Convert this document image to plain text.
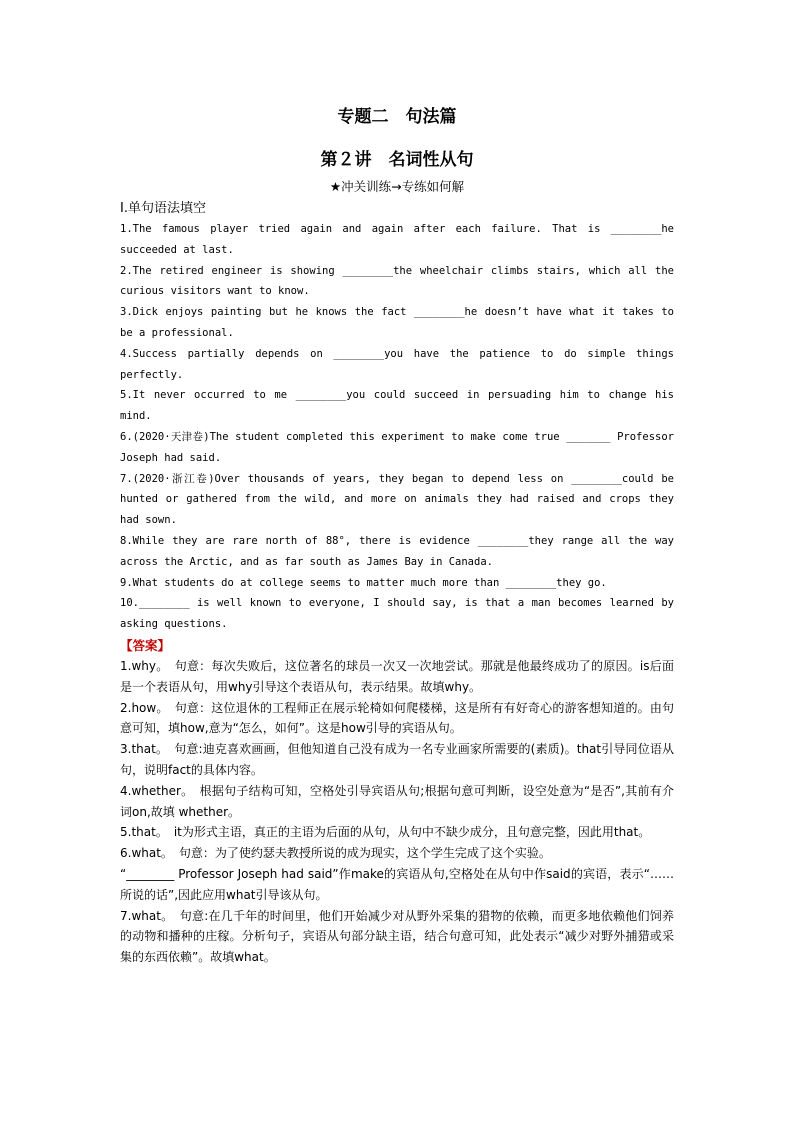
专题二　句法篇
第２讲　名词性从句
★冲关训练→专练如何解
Ⅰ.单句语法填空
1.The famous player tried again and again after each failure. That is ________he succeeded at last.
2.The retired engineer is showing ________the wheelchair climbs stairs, which all the curious visitors want to know.
3.Dick enjoys painting but he knows the fact ________he doesn’t have what it takes to be a professional.
4.Success partially depends on ________you have the patience to do simple things perfectly.
5.It never occurred to me ________you could succeed in persuading him to change his mind.
6.(2020·天津卷)The student completed this experiment to make come true _______ Professor Joseph had said.
7.(2020·浙江卷)Over thousands of years, they began to depend less on ________could be hunted or gathered from the wild, and more on animals they had raised and crops they had sown.
8.While they are rare north of 88°, there is evidence ________they range all the way across the Arctic, and as far south as James Bay in Canada.
9.What students do at college seems to matter much more than ________they go.
10.________ is well known to everyone, I should say, is that a man becomes learned by asking questions.
【答案】
1.why。　句意：每次失败后，这位著名的球员一次又一次地尝试。那就是他最终成功了的原因。is后面是一个表语从句，用why引导这个表语从句，表示结果。故填why。
2.how。　句意：这位退休的工程师正在展示轮椅如何爬楼梯，这是所有有好奇心的游客想知道的。由句意可知，填how,意为“怎么，如何”。这是how引导的宾语从句。
3.that。　句意:迪克喜欢画画，但他知道自己没有成为一名专业画家所需要的(素质)。that引导同位语从句，说明fact的具体内容。
4.whether。　根据句子结构可知，空格处引导宾语从句;根据句意可判断，设空处意为“是否”,其前有介词on,故填 whether。
5.that。　it为形式主语，真正的主语为后面的从句，从句中不缺少成分，且句意完整，因此用that。
6.what。　句意：为了使约瑟夫教授所说的成为现实，这个学生完成了这个实验。
“________ Professor Joseph had said”作make的宾语从句,空格处在从句中作said的宾语，表示“……所说的话”,因此应用what引导该从句。
7.what。　句意:在几千年的时间里，他们开始减少对从野外采集的猎物的依赖，而更多地依赖他们饲养的动物和播种的庄稼。分析句子，宾语从句部分缺主语，结合句意可知，此处表示“减少对野外捕猎或采集的东西依赖”。故填what。
